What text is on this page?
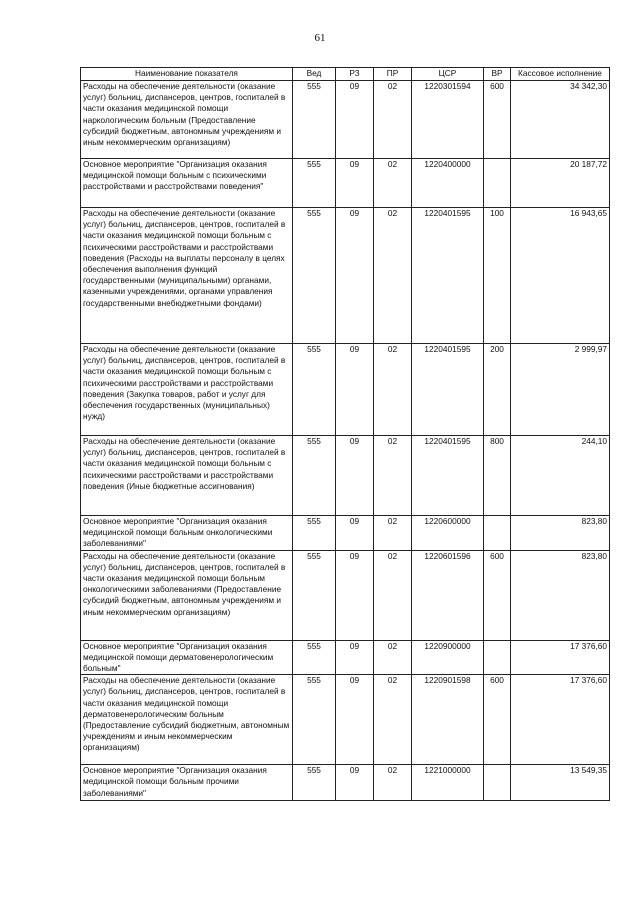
61
Наименование показателя	Вед	РЗ	ПР	ЦСР	ВР	Кассовое исполнение
Расходы на обеспечение деятельности (оказание услуг) больниц, диспансеров, центров, госпиталей в части оказания медицинской помощи наркологическим больным (Предоставление субсидий бюджетным, автономным учреждениям и иным некоммерческим организациям)	555	09	02	1220301594	600	34 342,30
Основное мероприятие "Организация оказания медицинской помощи больным с психическими расстройствами и расстройствами поведения"	555	09	02	1220400000		20 187,72
Расходы на обеспечение деятельности (оказание услуг) больниц, диспансеров, центров, госпиталей в части оказания медицинской помощи больным с психическими расстройствами и расстройствами поведения (Расходы на выплаты персоналу в целях обеспечения выполнения функций государственными (муниципальными) органами, казенными учреждениями, органами управления государственными внебюджетными фондами)	555	09	02	1220401595	100	16 943,65
Расходы на обеспечение деятельности (оказание услуг) больниц, диспансеров, центров, госпиталей в части оказания медицинской помощи больным с психическими расстройствами и расстройствами поведения (Закупка товаров, работ и услуг для обеспечения государственных (муниципальных) нужд)	555	09	02	1220401595	200	2 999,97
Расходы на обеспечение деятельности (оказание услуг) больниц, диспансеров, центров, госпиталей в части оказания медицинской помощи больным с психическими расстройствами и расстройствами поведения (Иные бюджетные ассигнования)	555	09	02	1220401595	800	244,10
Основное мероприятие "Организация оказания медицинской помощи больным онкологическими заболеваниями"	555	09	02	1220600000		823,80
Расходы на обеспечение деятельности (оказание услуг) больниц, диспансеров, центров, госпиталей в части оказания медицинской помощи больным онкологическими заболеваниями (Предоставление субсидий бюджетным, автономным учреждениям и иным некоммерческим организациям)	555	09	02	1220601596	600	823,80
Основное мероприятие "Организация оказания медицинской помощи дерматовенерологическим больным"	555	09	02	1220900000		17 376,60
Расходы на обеспечение деятельности (оказание услуг) больниц, диспансеров, центров, госпиталей в части оказания медицинской помощи дерматовенерологическим больным (Предоставление субсидий бюджетным, автономным учреждениям и иным некоммерческим организациям)	555	09	02	1220901598	600	17 376,60
Основное мероприятие "Организация оказания медицинской помощи больным прочими заболеваниями"	555	09	02	1221000000		13 549,35
